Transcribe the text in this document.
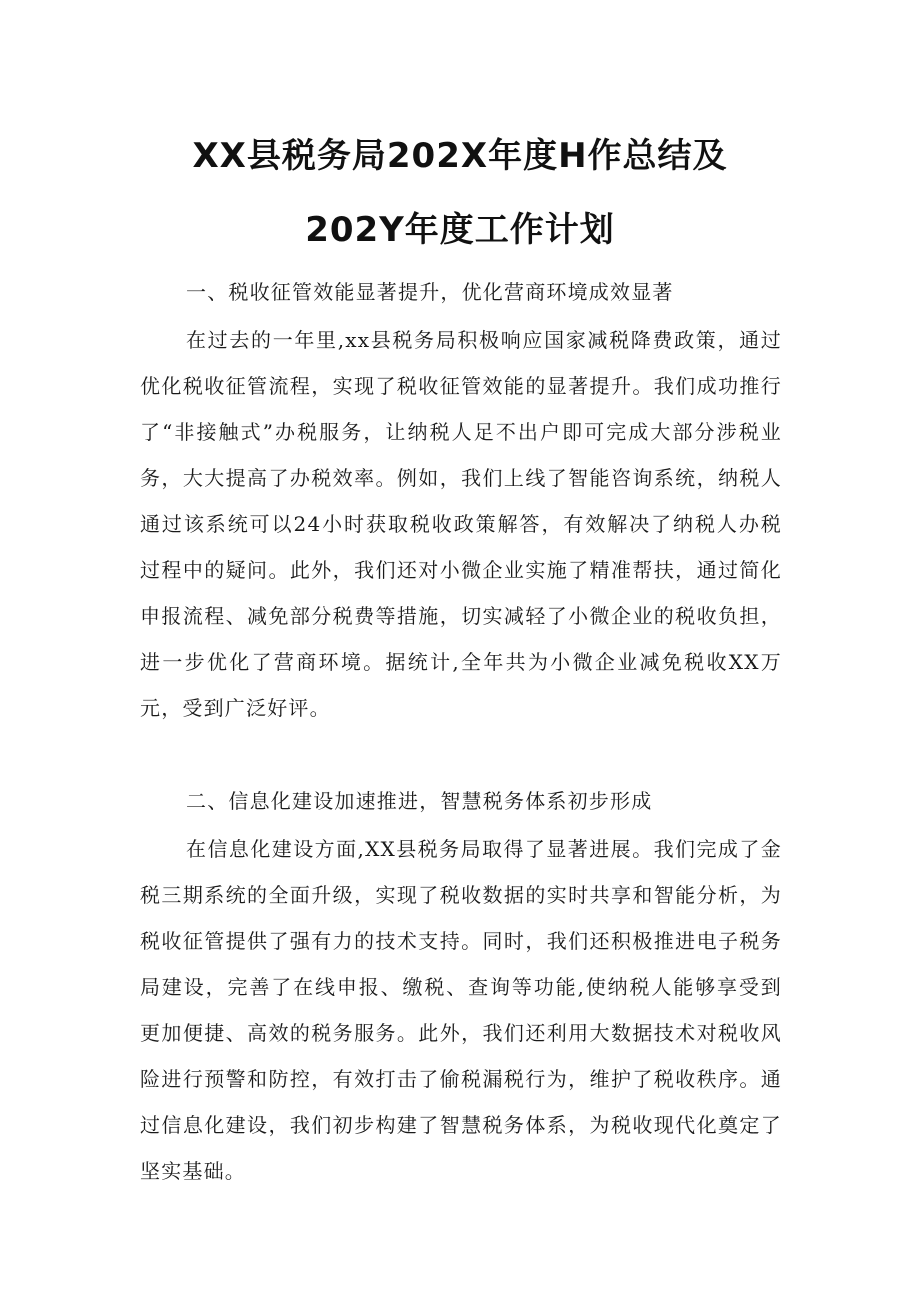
XX县税务局202X年度H作总结及
202Y年度工作计划

一、税收征管效能显著提升，优化营商环境成效显著

在过去的一年里,xx县税务局积极响应国家减税降费政策，通过优化税收征管流程，实现了税收征管效能的显著提升。我们成功推行了“非接触式”办税服务，让纳税人足不出户即可完成大部分涉税业务，大大提高了办税效率。例如，我们上线了智能咨询系统，纳税人通过该系统可以24小时获取税收政策解答，有效解决了纳税人办税过程中的疑问。此外，我们还对小微企业实施了精准帮扶，通过简化申报流程、减免部分税费等措施，切实减轻了小微企业的税收负担，进一步优化了营商环境。据统计,全年共为小微企业减免税收XX万元，受到广泛好评。

二、信息化建设加速推进，智慧税务体系初步形成

在信息化建设方面,XX县税务局取得了显著进展。我们完成了金税三期系统的全面升级，实现了税收数据的实时共享和智能分析，为税收征管提供了强有力的技术支持。同时，我们还积极推进电子税务局建设，完善了在线申报、缴税、查询等功能,使纳税人能够享受到更加便捷、高效的税务服务。此外，我们还利用大数据技术对税收风险进行预警和防控，有效打击了偷税漏税行为，维护了税收秩序。通过信息化建设，我们初步构建了智慧税务体系，为税收现代化奠定了坚实基础。
